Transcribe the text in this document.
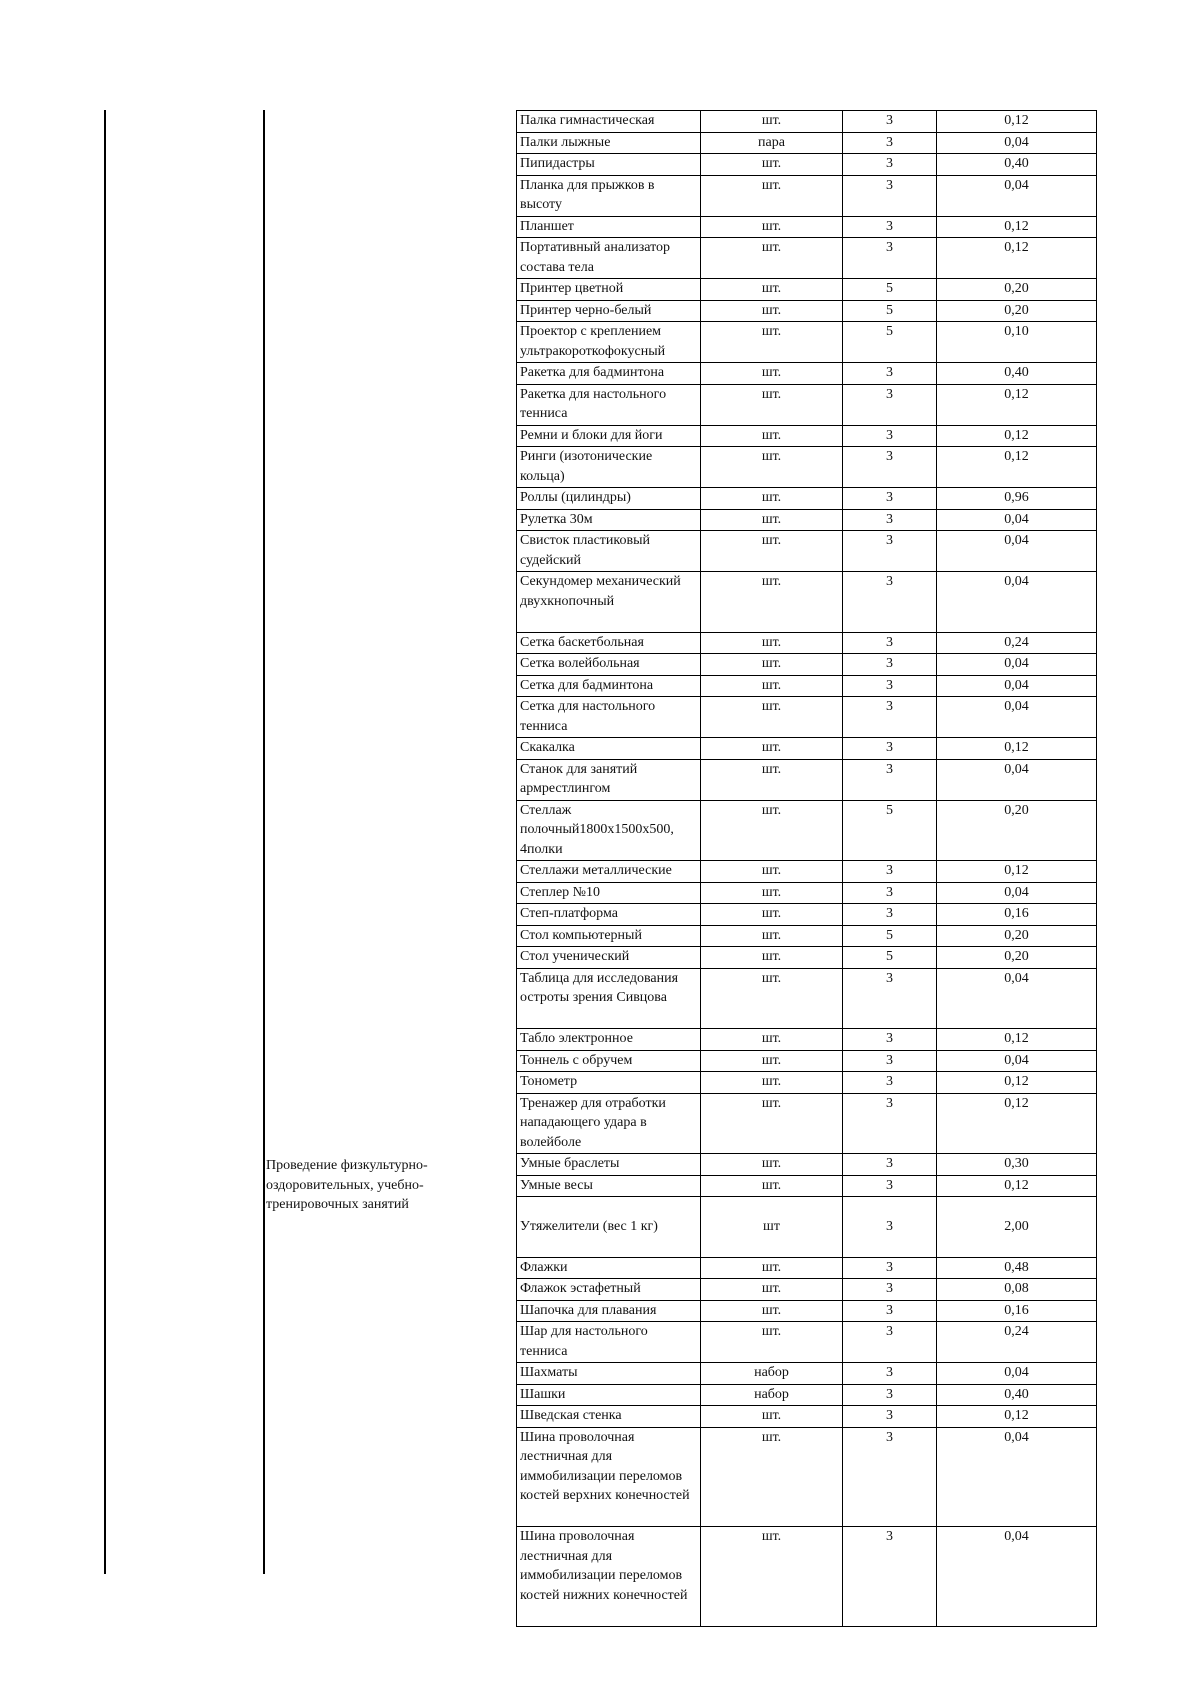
Проведение физкультурно-оздоровительных, учебно-тренировочных занятий
Палка гимнастическая	шт.	3	0,12
Палки лыжные	пара	3	0,04
Пипидастры	шт.	3	0,40
Планка для прыжков в высоту	шт.	3	0,04
Планшет	шт.	3	0,12
Портативный анализатор состава тела	шт.	3	0,12
Принтер цветной	шт.	5	0,20
Принтер черно-белый	шт.	5	0,20
Проектор с креплением ультракороткофокусный	шт.	5	0,10
Ракетка для бадминтона	шт.	3	0,40
Ракетка для настольного тенниса	шт.	3	0,12
Ремни и блоки для йоги	шт.	3	0,12
Ринги (изотонические кольца)	шт.	3	0,12
Роллы (цилиндры)	шт.	3	0,96
Рулетка 30м	шт.	3	0,04
Свисток пластиковый судейский	шт.	3	0,04
Секундомер механический двухкнопочный	шт.	3	0,04
Сетка баскетбольная	шт.	3	0,24
Сетка волейбольная	шт.	3	0,04
Сетка для бадминтона	шт.	3	0,04
Сетка для настольного тенниса	шт.	3	0,04
Скакалка	шт.	3	0,12
Станок для занятий армрестлингом	шт.	3	0,04
Стеллаж полочный1800х1500х500, 4полки	шт.	5	0,20
Стеллажи металлические	шт.	3	0,12
Степлер №10	шт.	3	0,04
Степ-платформа	шт.	3	0,16
Стол компьютерный	шт.	5	0,20
Стол ученический	шт.	5	0,20
Таблица для исследования остроты зрения Сивцова	шт.	3	0,04
Табло электронное	шт.	3	0,12
Тоннель с обручем	шт.	3	0,04
Тонометр	шт.	3	0,12
Тренажер для отработки нападающего удара в волейболе	шт.	3	0,12
Умные браслеты	шт.	3	0,30
Умные весы	шт.	3	0,12
Утяжелители (вес 1 кг)	шт	3	2,00
Флажки	шт.	3	0,48
Флажок эстафетный	шт.	3	0,08
Шапочка для плавания	шт.	3	0,16
Шар для настольного тенниса	шт.	3	0,24
Шахматы	набор	3	0,04
Шашки	набор	3	0,40
Шведская стенка	шт.	3	0,12
Шина проволочная лестничная для иммобилизации переломов костей верхних конечностей	шт.	3	0,04
Шина проволочная лестничная для иммобилизации переломов костей нижних конечностей	шт.	3	0,04
